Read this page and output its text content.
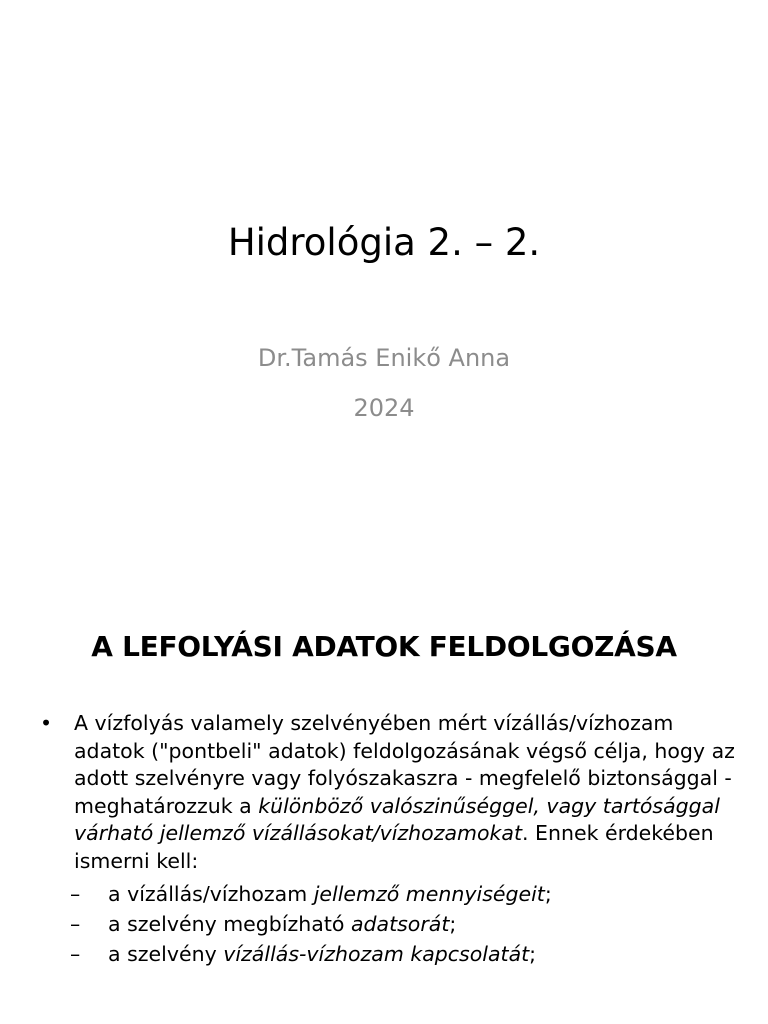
Hidrológia 2. – 2.
Dr.Tamás Enikő Anna
2024
A LEFOLYÁSI ADATOK FELDOLGOZÁSA
• A vízfolyás valamely szelvényében mért vízállás/vízhozam adatok ("pontbeli" adatok) feldolgozásának végső célja, hogy az adott szelvényre vagy folyószakaszra - megfelelő biztonsággal - meghatározzuk a különböző valószinűséggel, vagy tartósággal várható jellemző vízállásokat/vízhozamokat. Ennek érdekében ismerni kell:
– a vízállás/vízhozam jellemző mennyiségeit;
– a szelvény megbízható adatsorát;
– a szelvény vízállás-vízhozam kapcsolatát;
